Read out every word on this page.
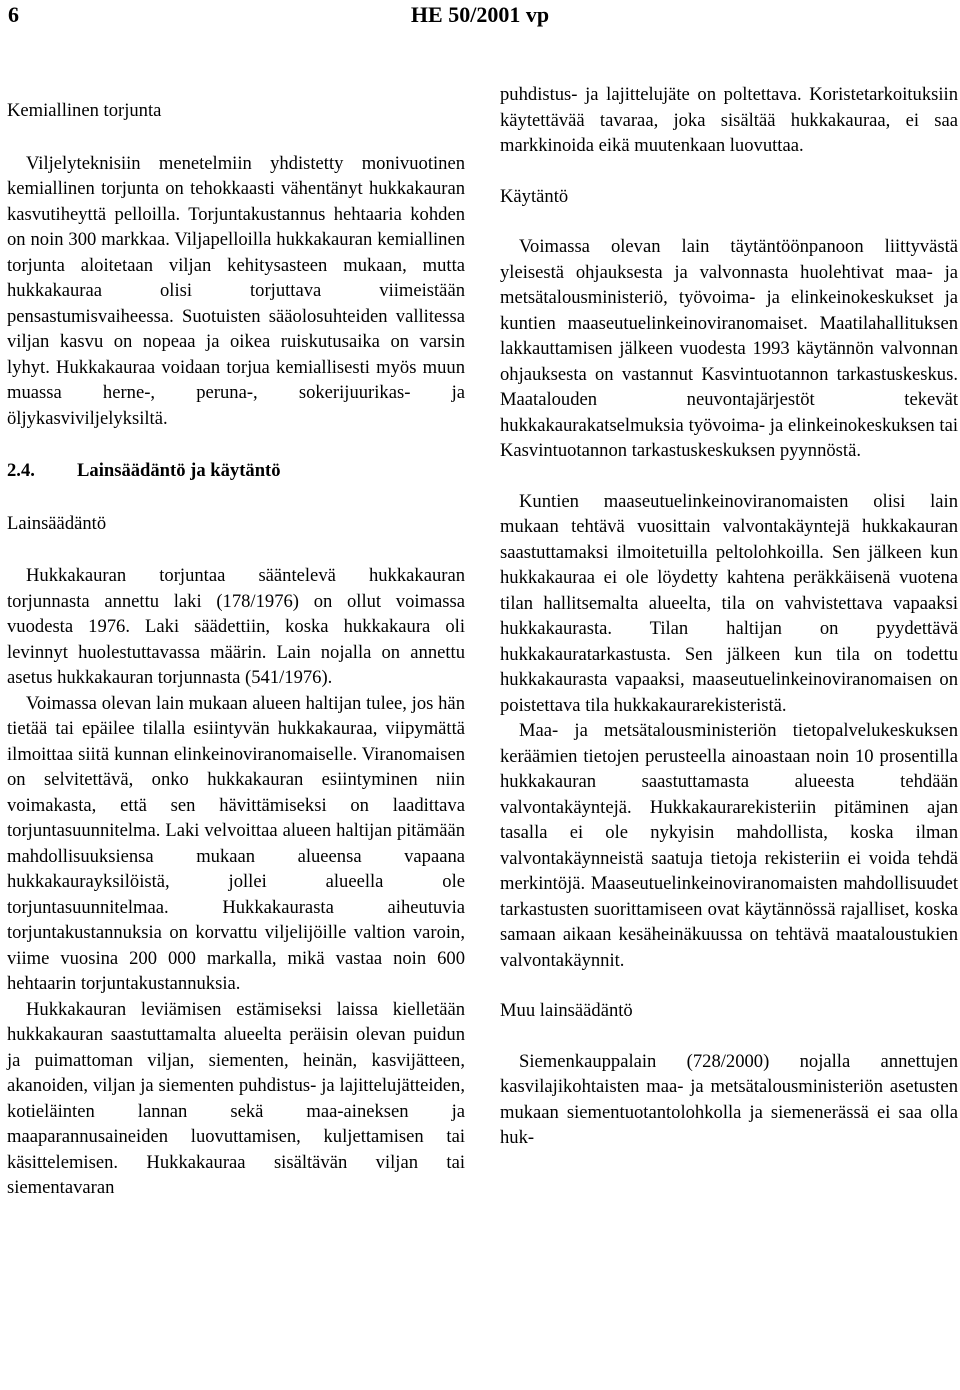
6	HE 50/2001 vp
Kemiallinen torjunta

Viljelyteknisiin menetelmiin yhdistetty monivuotinen kemiallinen torjunta on tehokkaasti vähentänyt hukkakauran kasvutiheyttä pelloilla. Torjuntakustannus hehtaaria kohden on noin 300 markkaa. Viljapelloilla hukkakauran kemiallinen torjunta aloitetaan viljan kehitysasteen mukaan, mutta hukkakauraa olisi torjuttava viimeistään pensastumisvaiheessa. Suotuisten sääolosuhteiden vallitessa viljan kasvu on nopeaa ja oikea ruiskutusaika on varsin lyhyt. Hukkakauraa voidaan torjua kemiallisesti myös muun muassa herne-, peruna-, sokerijuurikas- ja öljykasviviljelyksiltä.

2.4. Lainsäädäntö ja käytäntö
Lainsäädäntö

Hukkakauran torjuntaa sääntelevä hukkakauran torjunnasta annettu laki (178/1976) on ollut voimassa vuodesta 1976. Laki säädettiin, koska hukkakaura oli levinnyt huolestuttavassa määrin. Lain nojalla on annettu asetus hukkakauran torjunnasta (541/1976).

Voimassa olevan lain mukaan alueen haltijan tulee, jos hän tietää tai epäilee tilalla esiintyvän hukkakauraa, viipymättä ilmoittaa siitä kunnan elinkeinoviranomaiselle. Viranomaisen on selvitettävä, onko hukkakauran esiintyminen niin voimakasta, että sen hävittämiseksi on laadittava torjuntasuunnitelma. Laki velvoittaa alueen haltijan pitämään mahdollisuuksiensa mukaan alueensa vapaana hukkakaurayksilöistä, jollei alueella ole torjuntasuunnitelmaa. Hukkakaurasta aiheutuvia torjuntakustannuksia on korvattu viljelijöille valtion varoin, viime vuosina 200 000 markalla, mikä vastaa noin 600 hehtaarin torjuntakustannuksia.

Hukkakauran leviämisen estämiseksi laissa kielletään hukkakauran saastuttamalta alueelta peräisin olevan puidun ja puimattoman viljan, siementen, heinän, kasvijätteen, akanoiden, viljan ja siementen puhdistus- ja lajittelujätteiden, kotieläinten lannan sekä maa-aineksen ja maaparannusaineiden luovuttamisen, kuljettamisen tai käsittelemisen. Hukkakauraa sisältävän viljan tai siementavaran

puhdistus- ja lajittelujäte on poltettava. Koristetarkoituksiin käytettävää tavaraa, joka sisältää hukkakauraa, ei saa markkinoida eikä muutenkaan luovuttaa.

Käytäntö

Voimassa olevan lain täytäntöönpanoon liittyvästä yleisestä ohjauksesta ja valvonnasta huolehtivat maa- ja metsätalousministeriö, työvoima- ja elinkeinokeskukset ja kuntien maaseutuelinkeinoviranomaiset. Maatilahallituksen lakkauttamisen jälkeen vuodesta 1993 käytännön valvonnan ohjauksesta on vastannut Kasvintuotannon tarkastuskeskus. Maatalouden neuvontajärjestöt tekevät hukkakaurakatselmuksia työvoima- ja elinkeinokeskuksen tai Kasvintuotannon tarkastuskeskuksen pyynnöstä.

Kuntien maaseutuelinkeinoviranomaisten olisi lain mukaan tehtävä vuosittain valvontakäyntejä hukkakauran saastuttamaksi ilmoitetuilla peltolohkoilla. Sen jälkeen kun hukkakauraa ei ole löydetty kahtena peräkkäisenä vuotena tilan hallitsemalta alueelta, tila on vahvistettava vapaaksi hukkakaurasta. Tilan haltijan on pyydettävä hukkakauratarkastusta. Sen jälkeen kun tila on todettu hukkakaurasta vapaaksi, maaseutuelinkeinoviranomaisen on poistettava tila hukkakaurarekisteristä.

Maa- ja metsätalousministeriön tietopalvelukeskuksen keräämien tietojen perusteella ainoastaan noin 10 prosentilla hukkakauran saastuttamasta alueesta tehdään valvontakäyntejä. Hukkakaurarekisteriin pitäminen ajan tasalla ei ole nykyisin mahdollista, koska ilman valvontakäynneistä saatuja tietoja rekisteriin ei voida tehdä merkintöjä. Maaseutuelinkeinoviranomaisten mahdollisuudet tarkastusten suorittamiseen ovat käytännössä rajalliset, koska samaan aikaan kesäheinäkuussa on tehtävä maataloustukien valvontakäynnit.

Muu lainsäädäntö

Siemenkauppalain (728/2000) nojalla annettujen kasvilajikohtaisten maa- ja metsätalousministeriön asetusten mukaan siementuotantolohkolla ja siemenerässä ei saa olla huk-
